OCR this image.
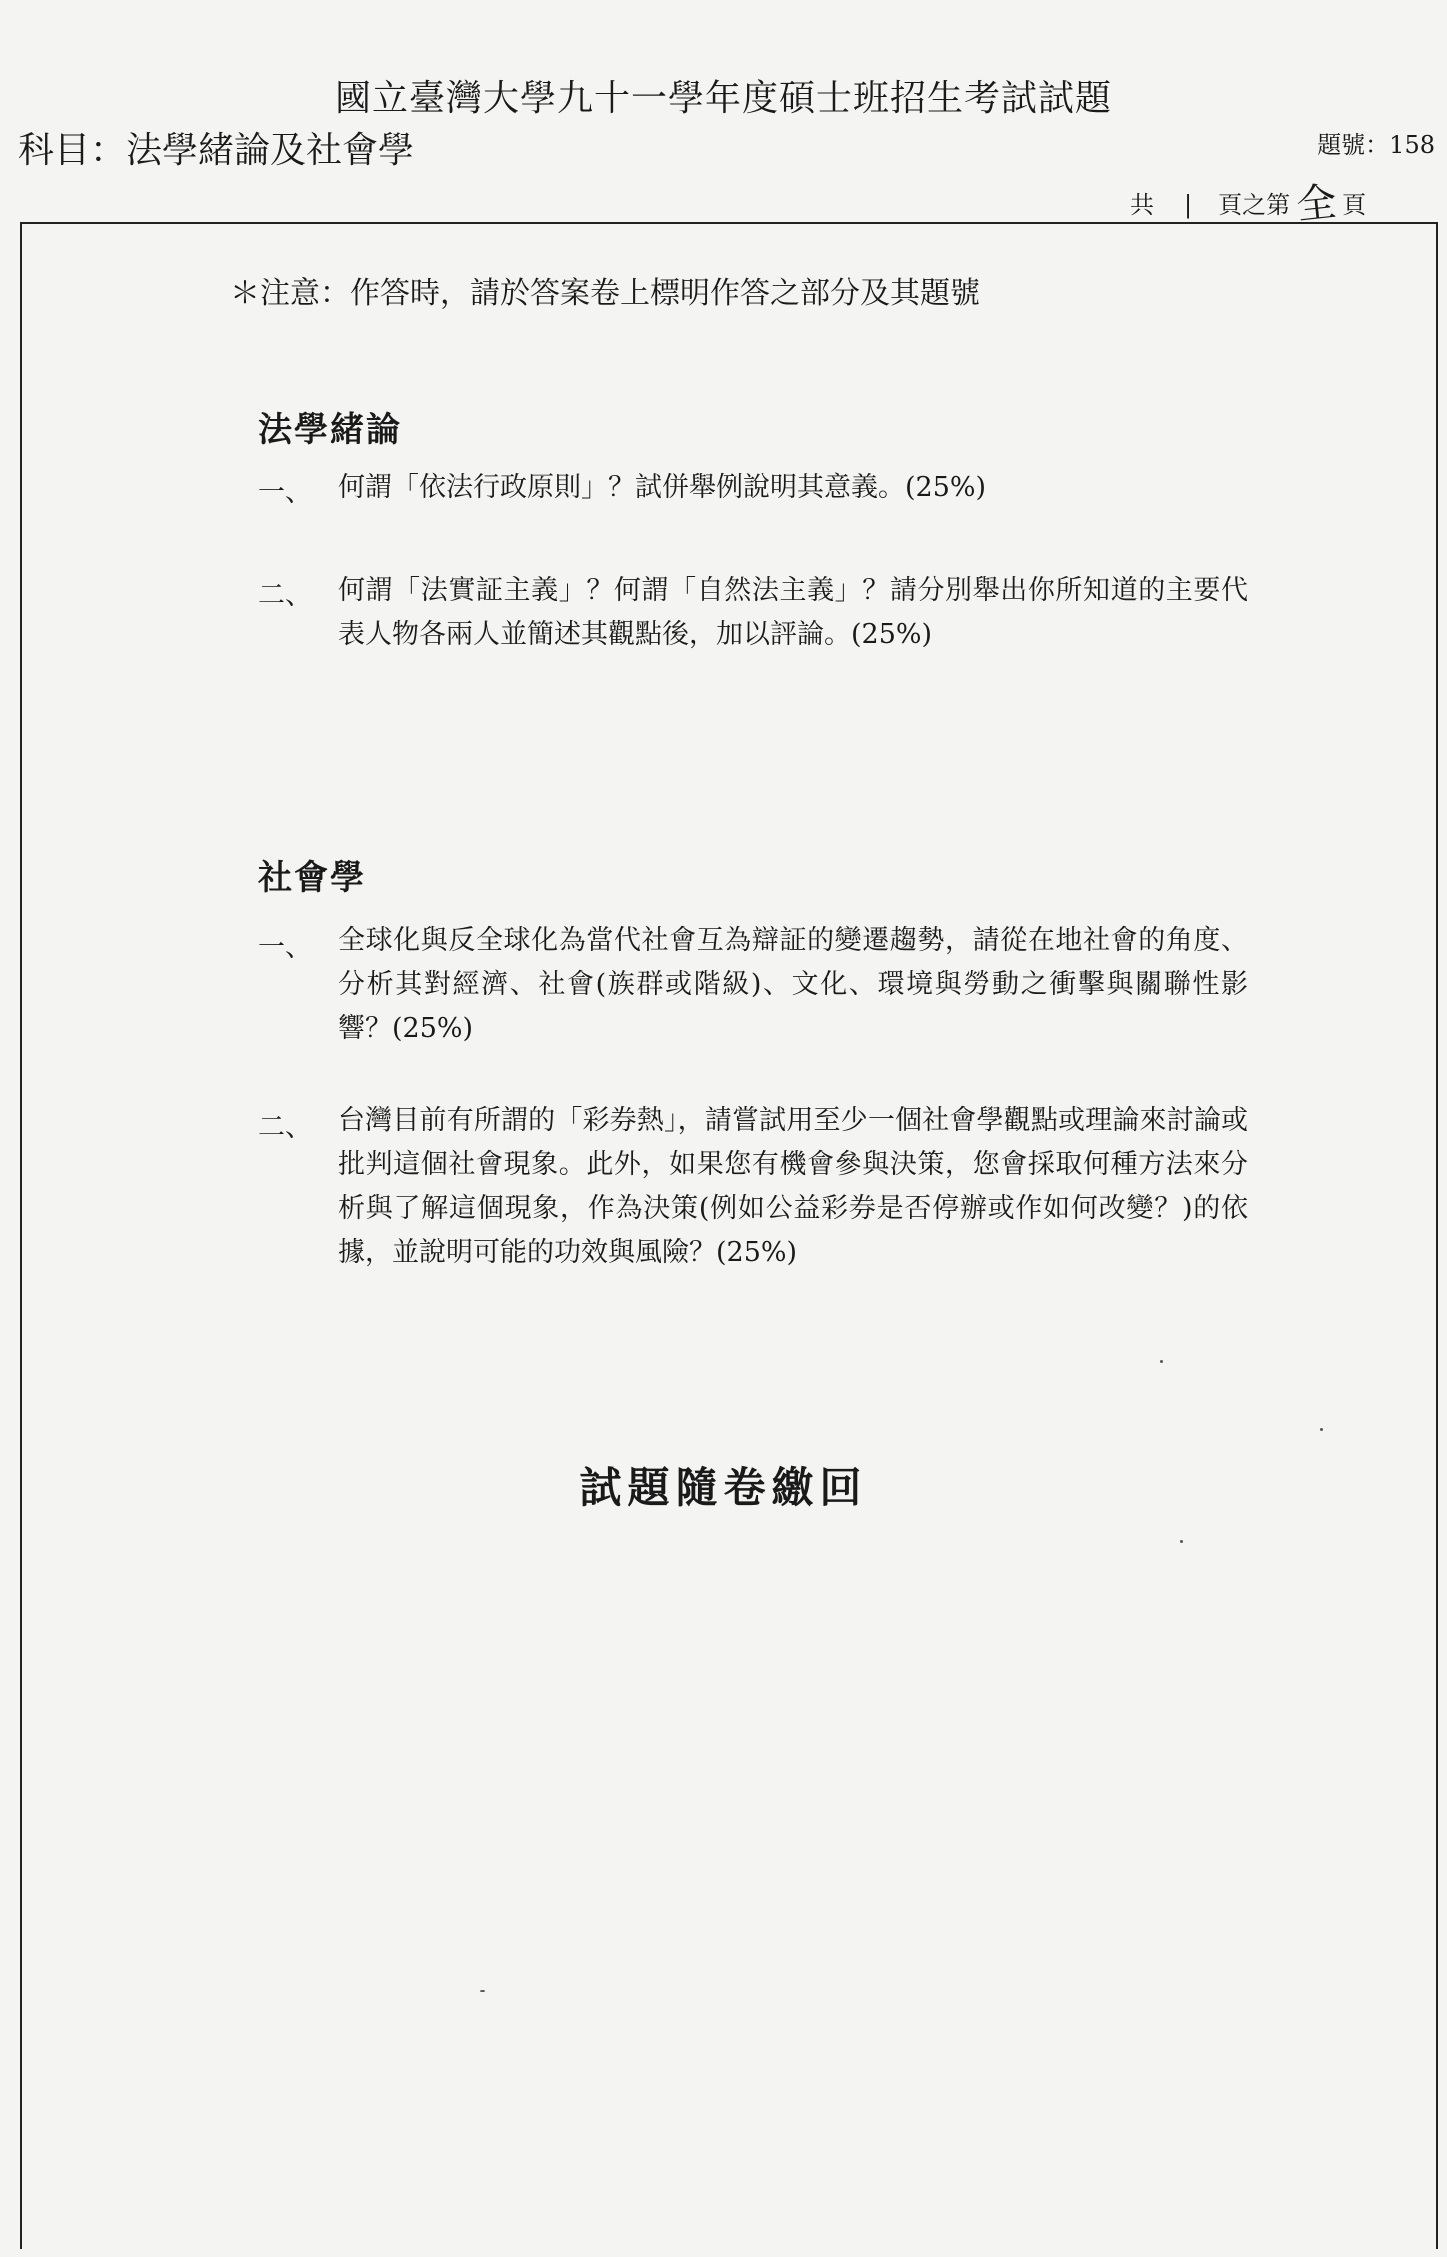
國立臺灣大學九十一學年度碩士班招生考試試題
科目：法學緒論及社會學	題號：158
共 | 頁之第 全 頁
＊注意：作答時，請於答案卷上標明作答之部分及其題號
法學緒論
一、 何謂「依法行政原則」？試併舉例說明其意義。(25%)
二、 何謂「法實証主義」？何謂「自然法主義」？請分別舉出你所知道的主要代表人物各兩人並簡述其觀點後，加以評論。(25%)
社會學
一、 全球化與反全球化為當代社會互為辯証的變遷趨勢，請從在地社會的角度、分析其對經濟、社會(族群或階級)、文化、環境與勞動之衝擊與關聯性影響？(25%)
二、 台灣目前有所謂的「彩券熱」，請嘗試用至少一個社會學觀點或理論來討論或批判這個社會現象。此外，如果您有機會參與決策，您會採取何種方法來分析與了解這個現象，作為決策(例如公益彩券是否停辦或作如何改變？)的依據，並說明可能的功效與風險？(25%)
試題隨卷繳回
